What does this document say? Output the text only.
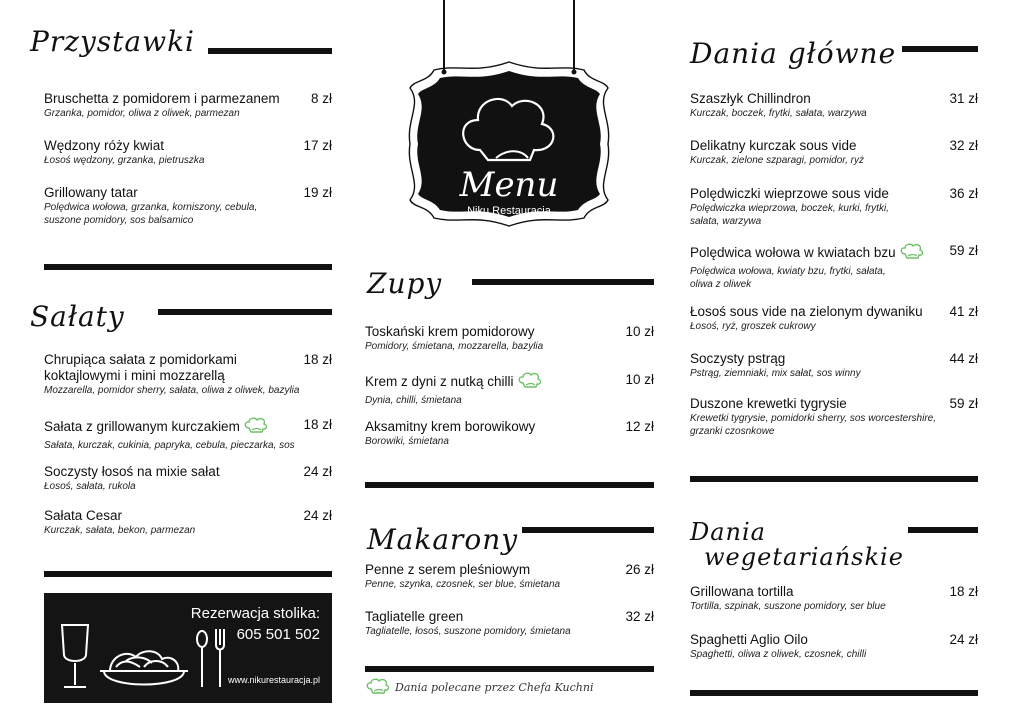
Przystawki
Bruschetta z pomidorem i parmezanem	8 zł
Grzanka, pomidor, oliwa z oliwek, parmezan
Wędzony róży kwiat	17 zł
Łosoś wędzony, grzanka, pietruszka
Grillowany tatar	19 zł
Polędwica wołowa, grzanka, korniszony, cebula, suszone pomidory, sos balsamico
Sałaty
Chrupiąca sałata z pomidorkami koktajlowymi i mini mozzarellą
18 zł
Mozzarella, pomidor sherry, sałata, oliwa z oliwek, bazylia
Sałata z grillowanym kurczakiem	18 zł
Sałata, kurczak, cukinia, papryka, cebula, pieczarka, sos
Soczysty łosoś na mixie sałat	24 zł
Łosoś, sałata, rukola
Sałata Cesar	24 zł
Kurczak, sałata, bekon, parmezan
Rezerwacja stolika:
605 501 502
www.nikurestauracja.pl
Menu
Niku Restauracja
Zupy
Toskański krem pomidorowy	10 zł
Pomidory, śmietana, mozzarella, bazylia
Krem z dyni z nutką chilli	10 zł
Dynia, chilli, śmietana
Aksamitny krem borowikowy	12 zł
Borowiki, śmietana
Makarony
Penne z serem pleśniowym	26 zł
Penne, szynka, czosnek, ser blue, śmietana
Tagliatelle green	32 zł
Tagliatelle, łosoś, suszone pomidory, śmietana
Dania polecane przez Chefa Kuchni
Dania główne
Szaszłyk Chillindron	31 zł
Kurczak, boczek, frytki, sałata, warzywa
Delikatny kurczak sous vide	32 zł
Kurczak, zielone szparagi, pomidor, ryż
Polędwiczki wieprzowe sous vide	36 zł
Polędwiczka wieprzowa, boczek, kurki, frytki, sałata, warzywa
Polędwica wołowa w kwiatach bzu	59 zł
Polędwica wołowa, kwiaty bzu, frytki, sałata, oliwa z oliwek
Łosoś sous vide na zielonym dywaniku	41 zł
Łosoś, ryż, groszek cukrowy
Soczysty pstrąg	44 zł
Pstrąg, ziemniaki, mix sałat, sos winny
Duszone krewetki tygrysie	59 zł
Krewetki tygrysie, pomidorki sherry, sos worcestershire, grzanki czosnkowe
Dania
wegetariańskie
Grillowana tortilla	18 zł
Tortilla, szpinak, suszone pomidory, ser blue
Spaghetti Aglio Oilo	24 zł
Spaghetti, oliwa z oliwek, czosnek, chilli
